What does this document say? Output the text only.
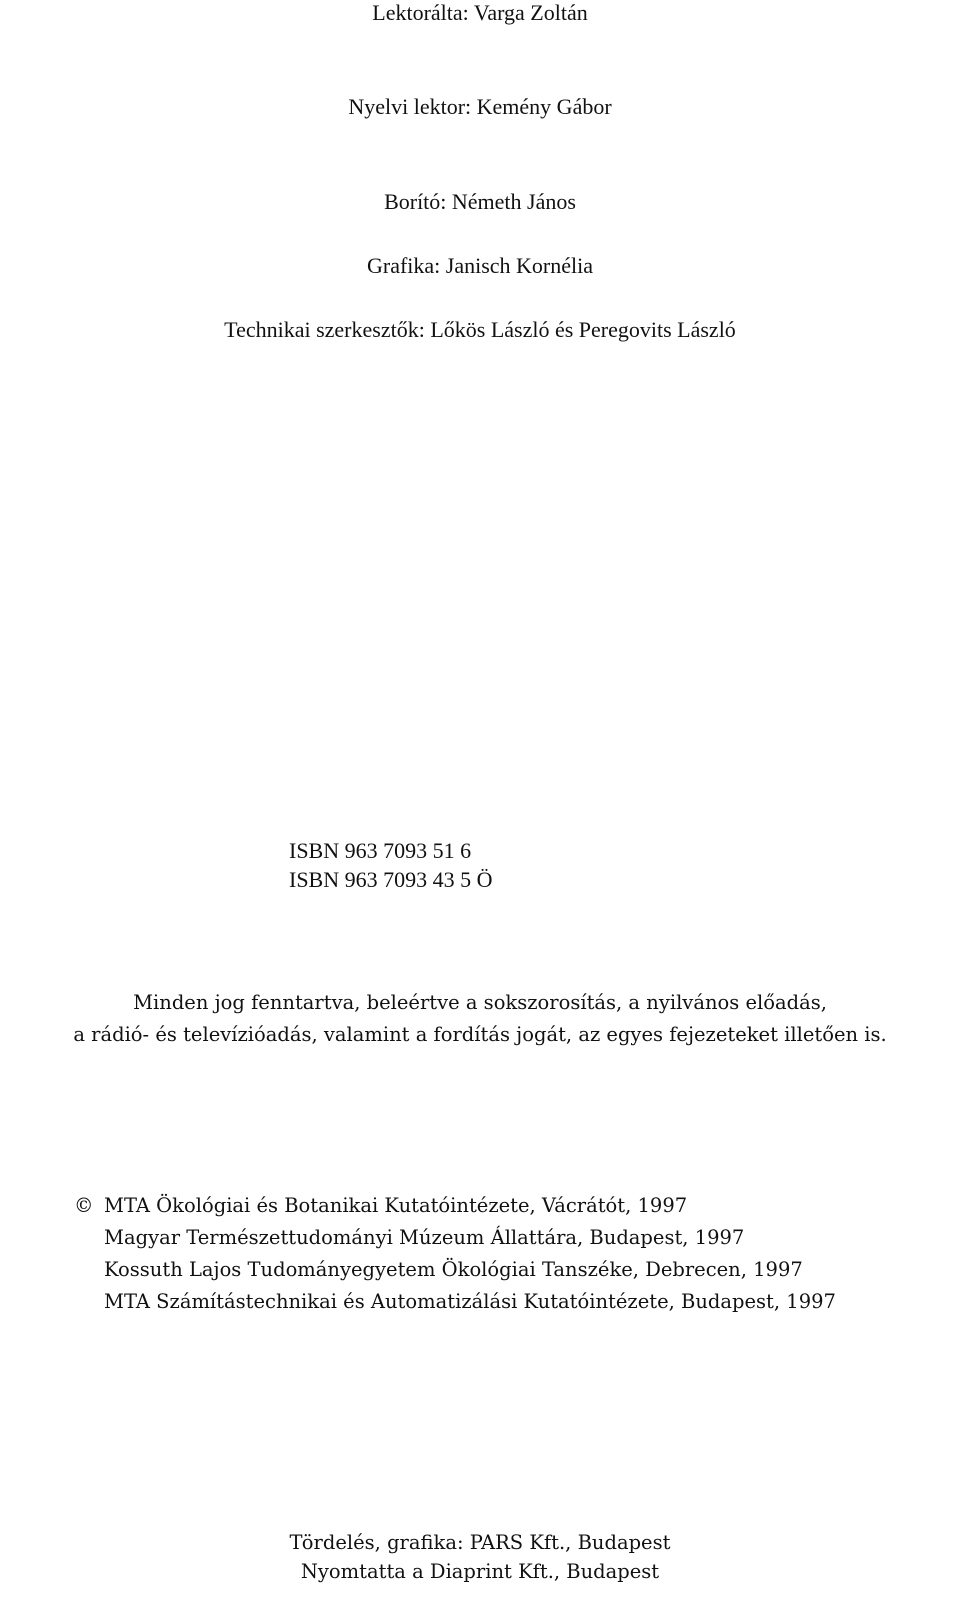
Lektorálta: Varga Zoltán
Nyelvi lektor: Kemény Gábor
Borító: Németh János
Grafika: Janisch Kornélia
Technikai szerkesztők: Lőkös László és Peregovits László
ISBN 963 7093 51 6
ISBN 963 7093 43 5 Ö
Minden jog fenntartva, beleértve a sokszorosítás, a nyilvános előadás,
a rádió- és televízióadás, valamint a fordítás jogát, az egyes fejezeteket illetően is.
© MTA Ökológiai és Botanikai Kutatóintézete, Vácrátót, 1997
Magyar Természettudományi Múzeum Állattára, Budapest, 1997
Kossuth Lajos Tudományegyetem Ökológiai Tanszéke, Debrecen, 1997
MTA Számítástechnikai és Automatizálási Kutatóintézete, Budapest, 1997
Tördelés, grafika: PARS Kft., Budapest
Nyomtatta a Diaprint Kft., Budapest
